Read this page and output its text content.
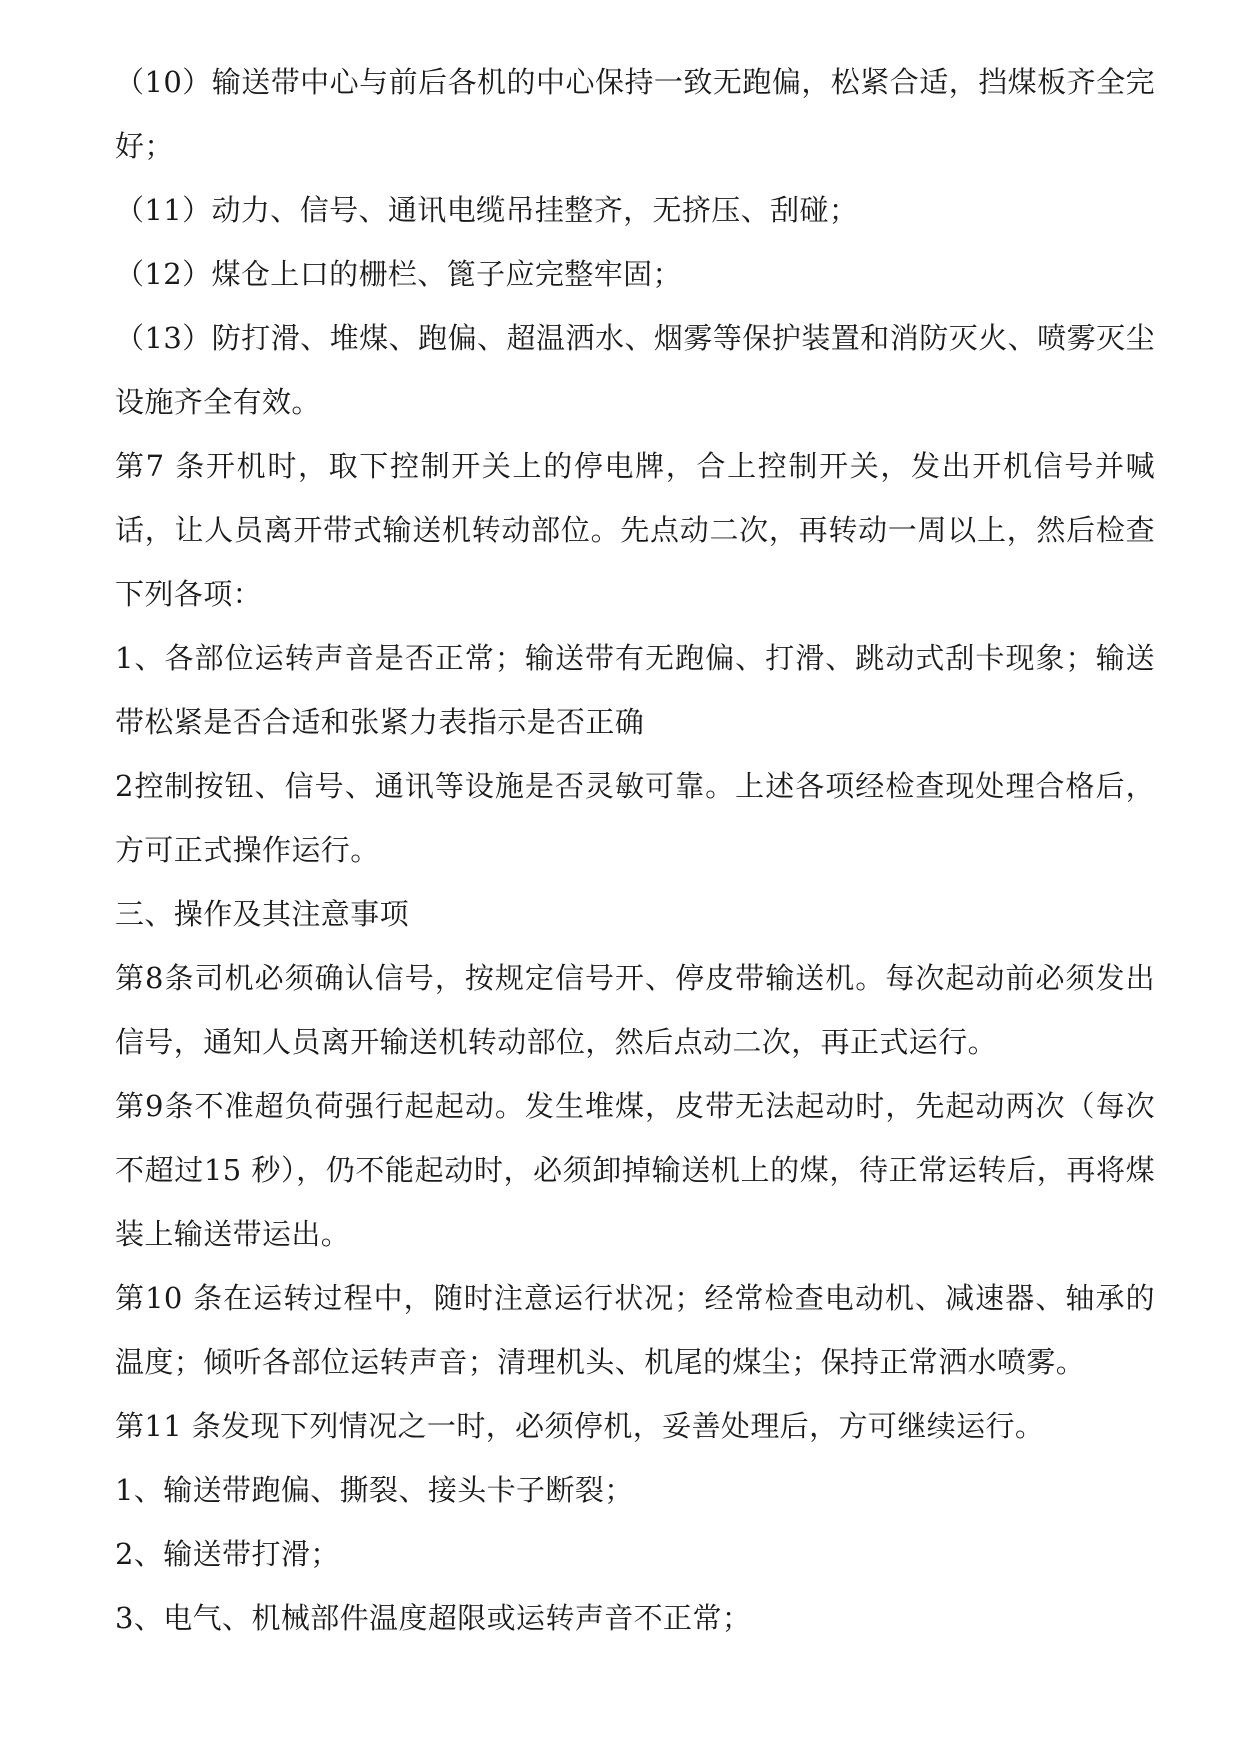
（10）输送带中心与前后各机的中心保持一致无跑偏，松紧合适，挡煤板齐全完好；

（11）动力、信号、通讯电缆吊挂整齐，无挤压、刮碰；

（12）煤仓上口的栅栏、篦子应完整牢固；

（13）防打滑、堆煤、跑偏、超温洒水、烟雾等保护装置和消防灭火、喷雾灭尘设施齐全有效。

第7 条开机时，取下控制开关上的停电牌，合上控制开关，发出开机信号并喊话，让人员离开带式输送机转动部位。先点动二次，再转动一周以上，然后检查下列各项：

1、各部位运转声音是否正常；输送带有无跑偏、打滑、跳动式刮卡现象；输送带松紧是否合适和张紧力表指示是否正确

2控制按钮、信号、通讯等设施是否灵敏可靠。上述各项经检查现处理合格后，方可正式操作运行。

三、操作及其注意事项

第8条司机必须确认信号，按规定信号开、停皮带输送机。每次起动前必须发出信号，通知人员离开输送机转动部位，然后点动二次，再正式运行。

第9条不准超负荷强行起起动。发生堆煤，皮带无法起动时，先起动两次（每次不超过15 秒），仍不能起动时，必须卸掉输送机上的煤，待正常运转后，再将煤装上输送带运出。

第10 条在运转过程中，随时注意运行状况；经常检查电动机、减速器、轴承的温度；倾听各部位运转声音；清理机头、机尾的煤尘；保持正常洒水喷雾。

第11 条发现下列情况之一时，必须停机，妥善处理后，方可继续运行。

1、输送带跑偏、撕裂、接头卡子断裂；

2、输送带打滑；

3、电气、机械部件温度超限或运转声音不正常；
